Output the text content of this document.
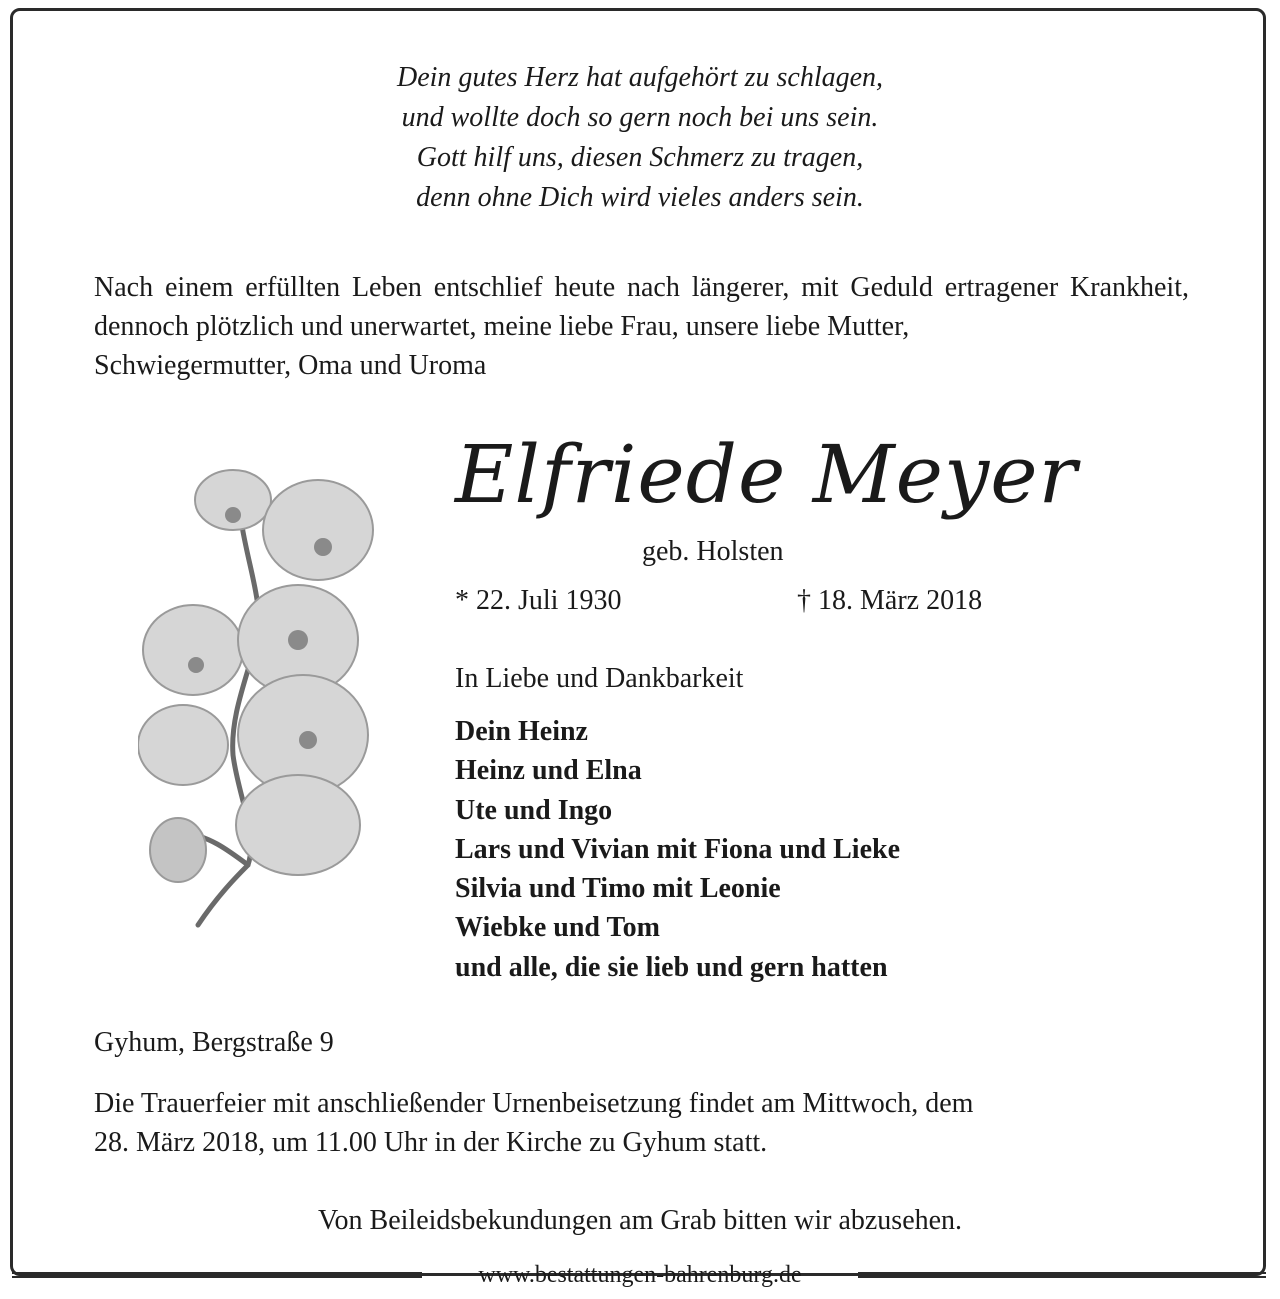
Dein gutes Herz hat aufgehört zu schlagen,
und wollte doch so gern noch bei uns sein.
Gott hilf uns, diesen Schmerz zu tragen,
denn ohne Dich wird vieles anders sein.
Nach einem erfüllten Leben entschlief heute nach längerer, mit Geduld ertragener Krankheit, dennoch plötzlich und unerwartet, meine liebe Frau, unsere liebe Mutter,
Schwiegermutter, Oma und Uroma
Elfriede Meyer
geb. Holsten
* 22. Juli 1930	† 18. März 2018
In Liebe und Dankbarkeit
Dein Heinz
Heinz und Elna
Ute und Ingo
Lars und Vivian mit Fiona und Lieke
Silvia und Timo mit Leonie
Wiebke und Tom
und alle, die sie lieb und gern hatten
Gyhum, Bergstraße 9
Die Trauerfeier mit anschließender Urnenbeisetzung findet am Mittwoch, dem
28. März 2018, um 11.00 Uhr in der Kirche zu Gyhum statt.
Von Beileidsbekundungen am Grab bitten wir abzusehen.
www.bestattungen-bahrenburg.de
